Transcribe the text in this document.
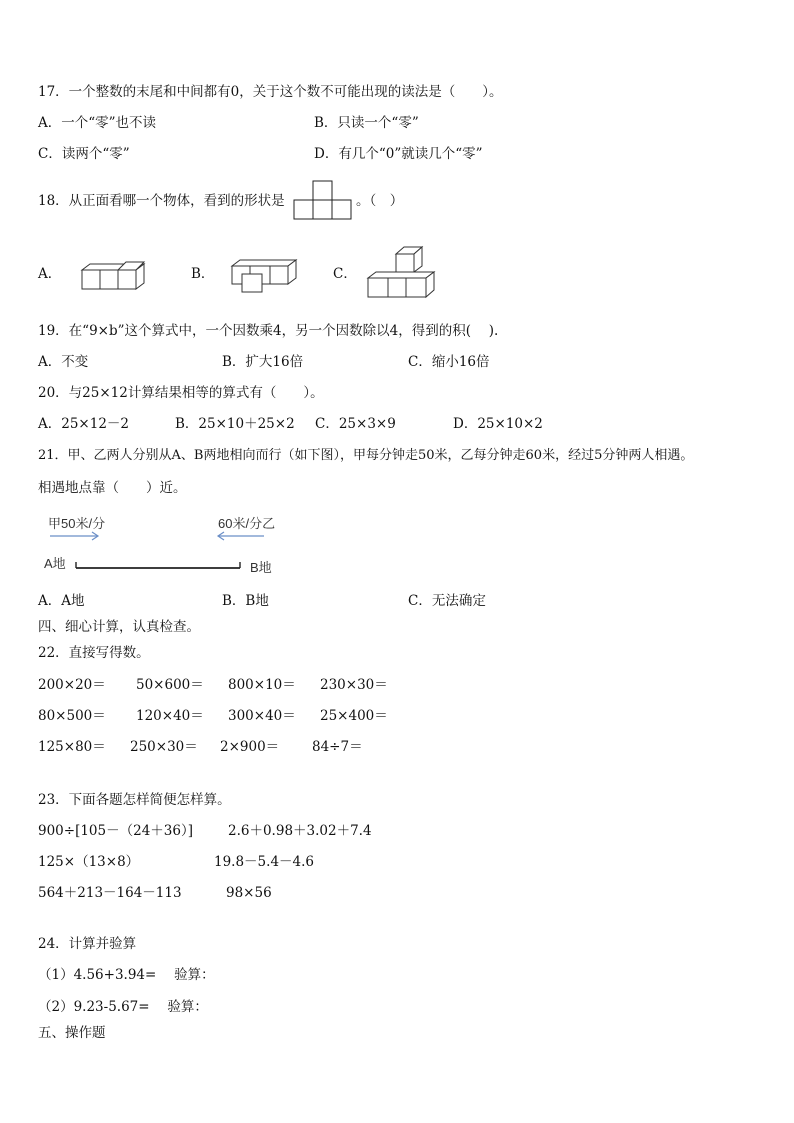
17．一个整数的末尾和中间都有0，关于这个数不可能出现的读法是（　　）。
A．一个“零”也不读	B．只读一个“零”
C．读两个“零”	D．有几个“0”就读几个“零”
18．从正面看哪一个物体，看到的形状是	。（　）
A．	B．	C．
19．在“9×b”这个算式中，一个因数乘4，另一个因数除以4，得到的积(　 ).
A．不变	B．扩大16倍	C．缩小16倍
20．与25×12计算结果相等的算式有（　　）。
A．25×12－2	B．25×10＋25×2 C．25×3×9	D．25×10×2
21．甲、乙两人分别从A、B两地相向而行（如下图），甲每分钟走50米，乙每分钟走60米，经过5分钟两人相遇。
相遇地点靠（　　）近。
甲50米/分	60米/分乙
A地	B地
A．A地	B．B地	C．无法确定
四、细心计算，认真检查。
22．直接写得数。
200×20＝ 50×600＝ 800×10＝ 230×30＝
80×500＝ 120×40＝ 300×40＝ 25×400＝
125×80＝ 250×30＝ 2×900＝ 84÷7＝
23．下面各题怎样简便怎样算。
900÷[105－（24＋36）]	2.6＋0.98＋3.02＋7.4
125×（13×8）	19.8－5.4－4.6
564＋213－164－113	98×56
24．计算并验算
（1）4.56+3.94=　 验算：
（2）9.23-5.67=　 验算：
五、操作题
